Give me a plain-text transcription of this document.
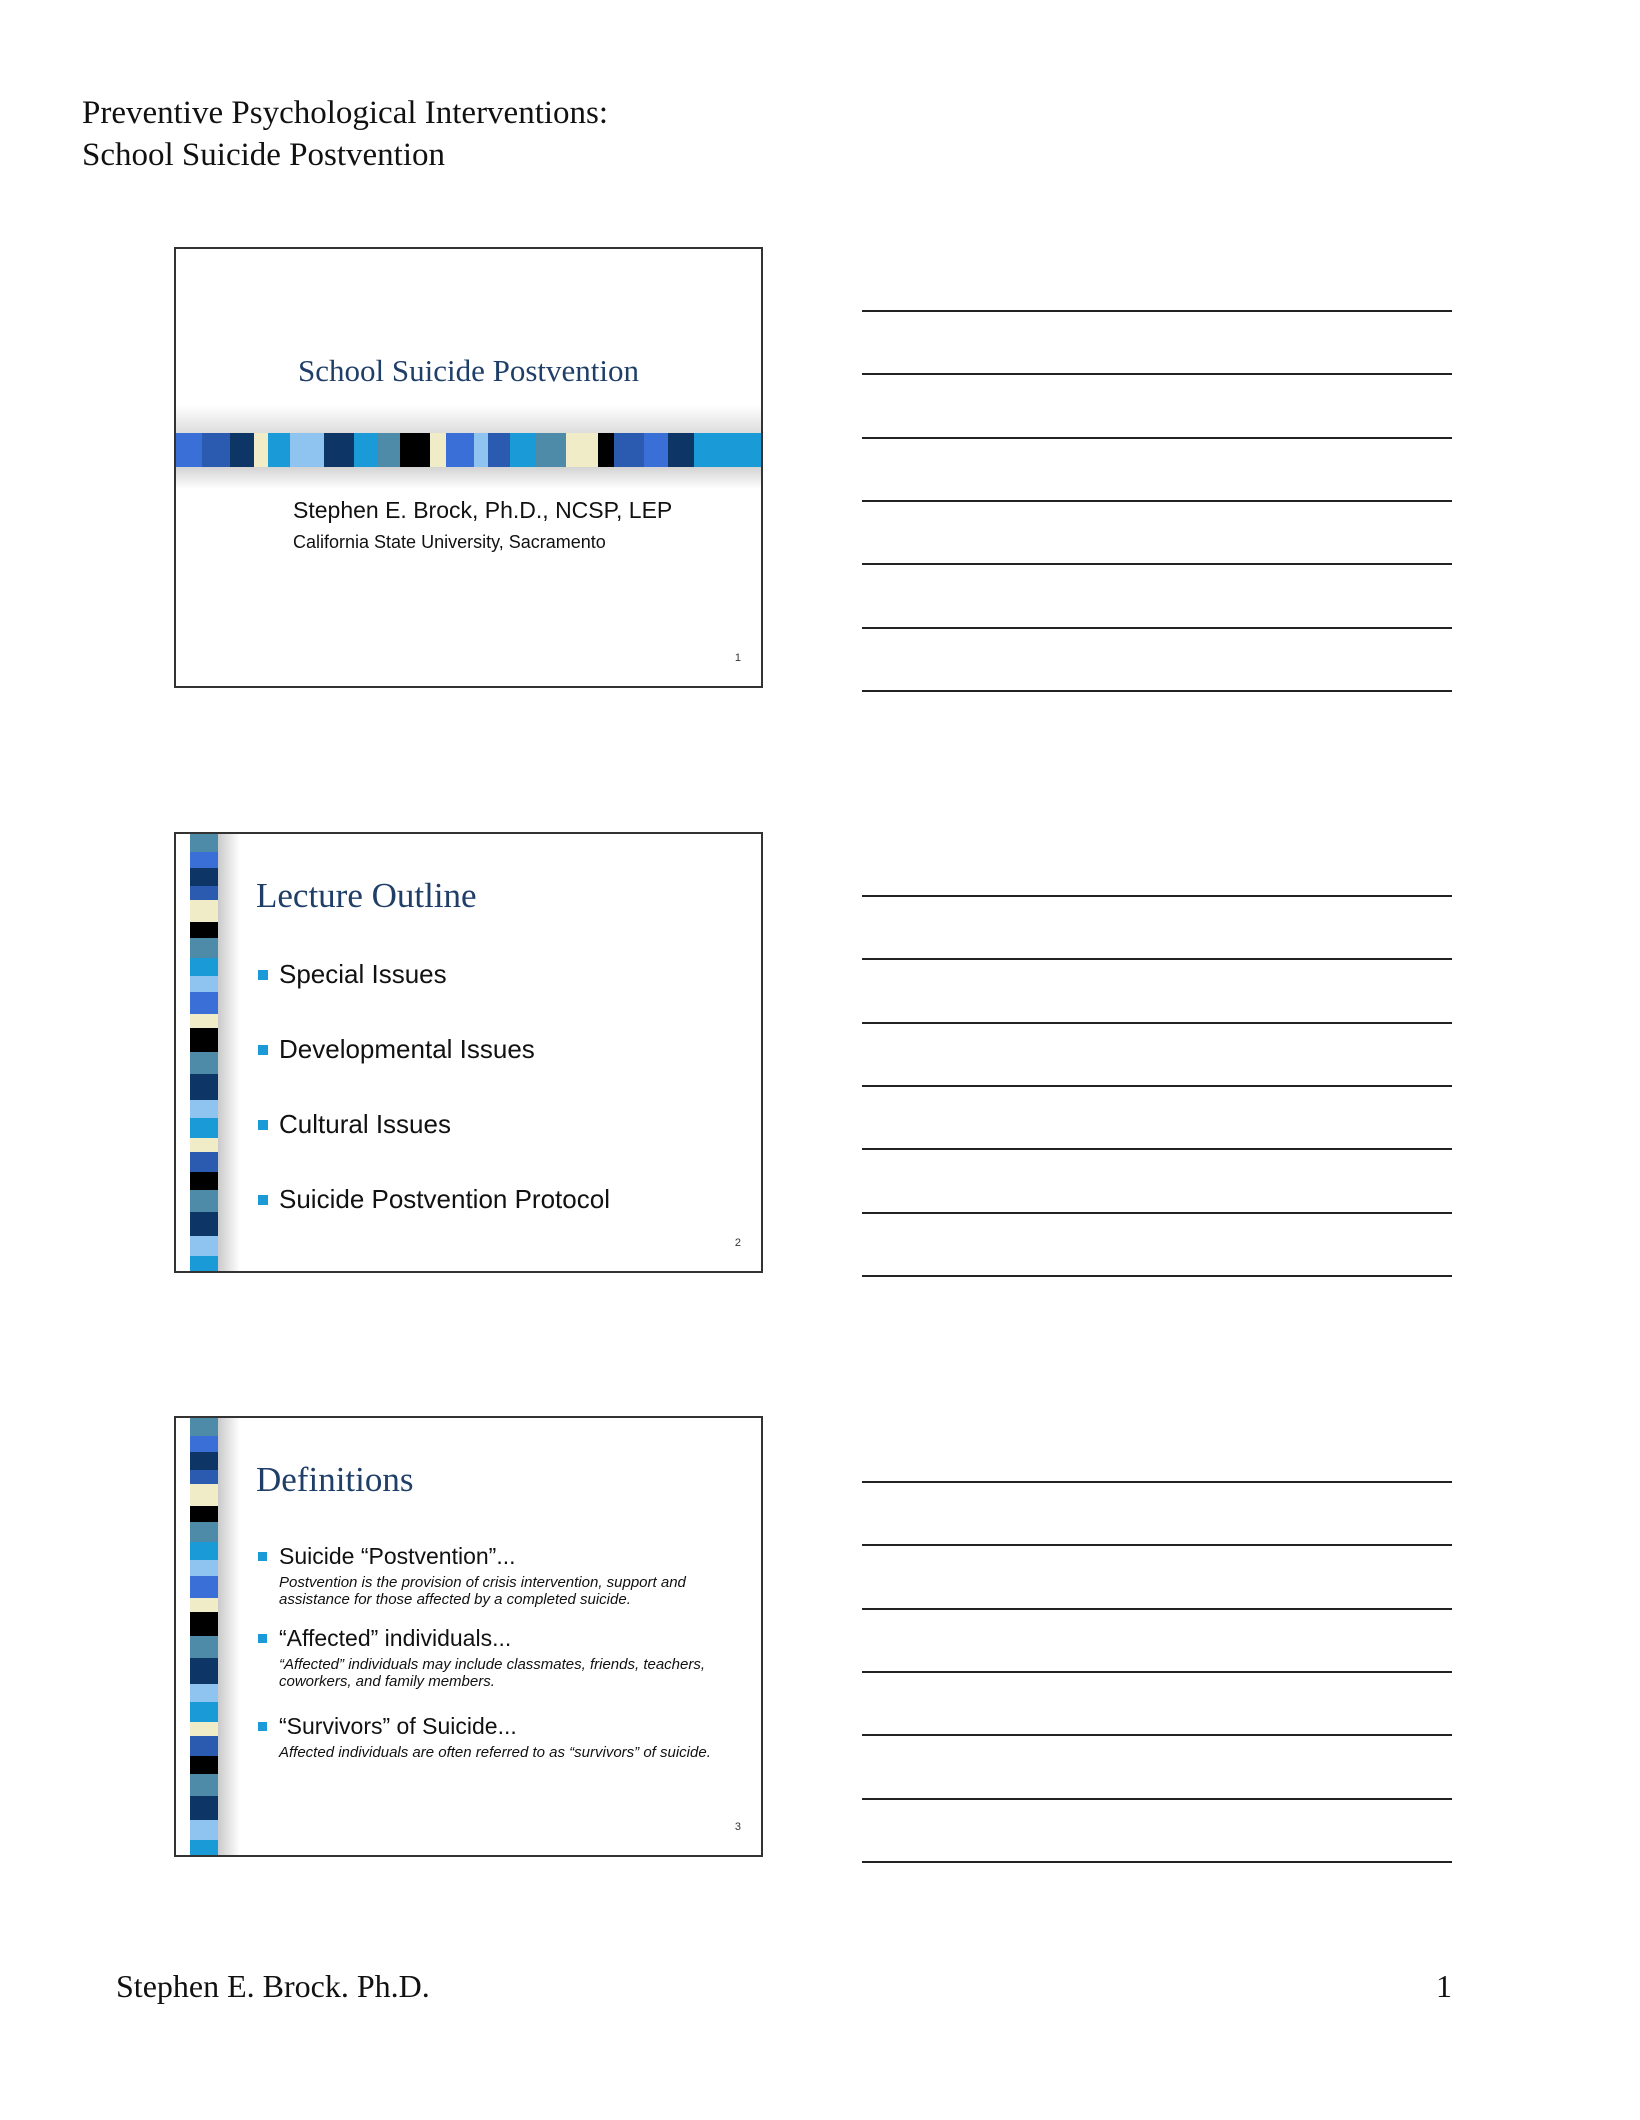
Preventive Psychological Interventions:
School Suicide Postvention
School Suicide Postvention
Stephen E. Brock, Ph.D., NCSP, LEP
California State University, Sacramento
1
Lecture Outline
Special Issues
Developmental Issues
Cultural Issues
Suicide Postvention Protocol
2
Definitions
Suicide “Postvention”...
Postvention is the provision of crisis intervention, support and assistance for those affected by a completed suicide.
“Affected” individuals...
“Affected” individuals may include classmates, friends, teachers, coworkers, and family members.
“Survivors” of Suicide...
Affected individuals are often referred to as “survivors” of suicide.
3
Stephen E. Brock. Ph.D.	1
